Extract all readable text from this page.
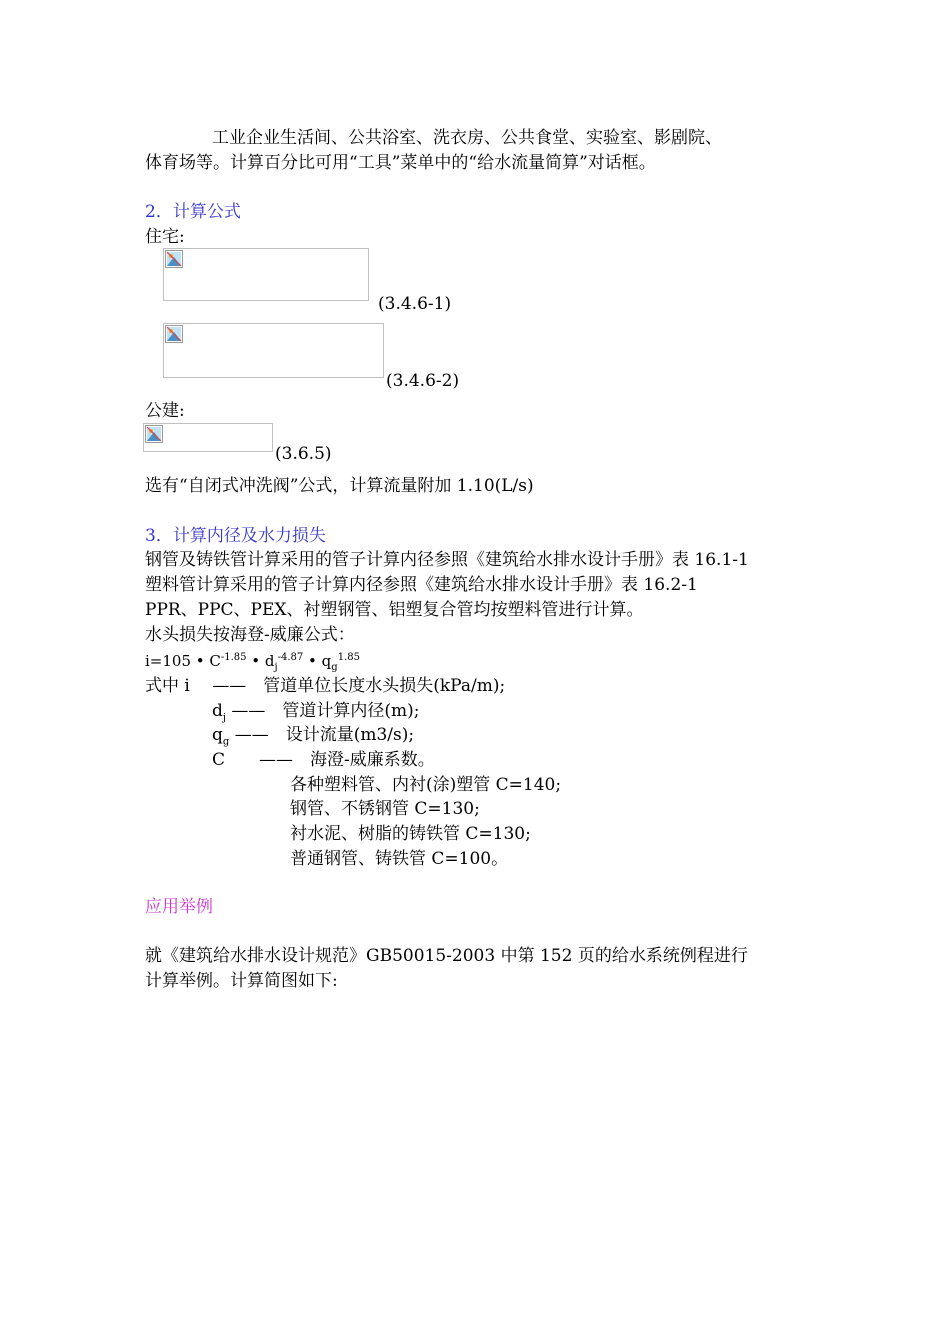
工业企业生活间、公共浴室、洗衣房、公共食堂、实验室、影剧院、
体育场等。计算百分比可用“工具”菜单中的“给水流量简算”对话框。
2．计算公式
住宅:
(3.4.6-1)
(3.4.6-2)
公建:
(3.6.5)
选有“自闭式冲洗阀”公式，计算流量附加 1.10(L/s)
3．计算内径及水力损失
钢管及铸铁管计算采用的管子计算内径参照《建筑给水排水设计手册》表 16.1-1
塑料管计算采用的管子计算内径参照《建筑给水排水设计手册》表 16.2-1
PPR、PPC、PEX、衬塑钢管、铝塑复合管均按塑料管进行计算。
水头损失按海登-威廉公式：
i=105 • $C^{-1.85}$ • $d_j^{-4.87}$ • $q_g^{1.85}$
式中 i　 ——　管道单位长度水头损失(kPa/m);
$d_j$ ——　管道计算内径(m);
$q_g$ ——　设计流量(m3/s);
C　　——　海澄-威廉系数。
各种塑料管、内衬(涂)塑管 C=140;
钢管、不锈钢管 C=130;
衬水泥、树脂的铸铁管 C=130;
普通钢管、铸铁管 C=100。
应用举例
就《建筑给水排水设计规范》GB50015-2003 中第 152 页的给水系统例程进行
计算举例。计算简图如下:
